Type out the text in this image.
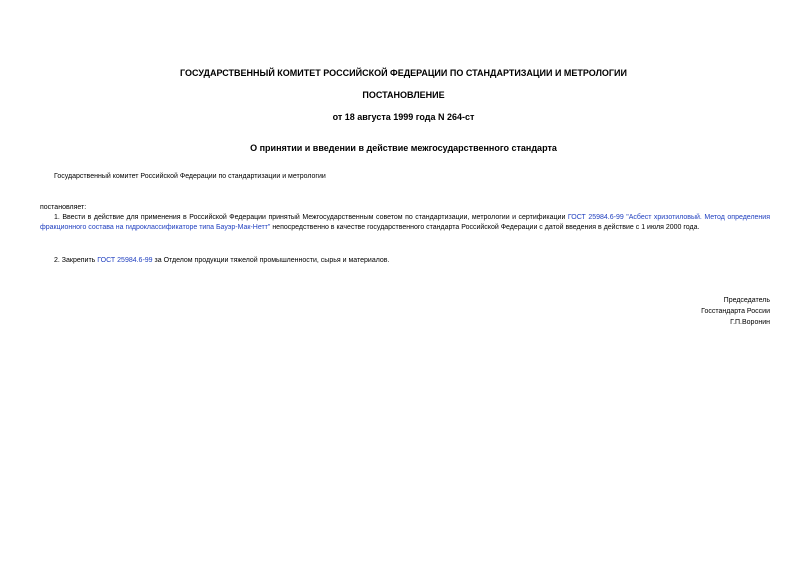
ГОСУДАРСТВЕННЫЙ КОМИТЕТ РОССИЙСКОЙ ФЕДЕРАЦИИ ПО СТАНДАРТИЗАЦИИ И МЕТРОЛОГИИ

ПОСТАНОВЛЕНИЕ

от 18 августа 1999 года N 264-ст

О принятии и введении в действие межгосударственного стандарта

Государственный комитет Российской Федерации по стандартизации и метрологии

постановляет:

1. Ввести в действие для применения в Российской Федерации принятый Межгосударственным советом по стандартизации, метрологии и сертификации ГОСТ 25984.6-99 "Асбест хризотиловый. Метод определения фракционного состава на гидроклассификаторе типа Бауэр-Мак-Нетт" непосредственно в качестве государственного стандарта Российской Федерации с датой введения в действие с 1 июля 2000 года.

2. Закрепить ГОСТ 25984.6-99 за Отделом продукции тяжелой промышленности, сырья и материалов.

Председатель
Госстандарта России
Г.П.Воронин
